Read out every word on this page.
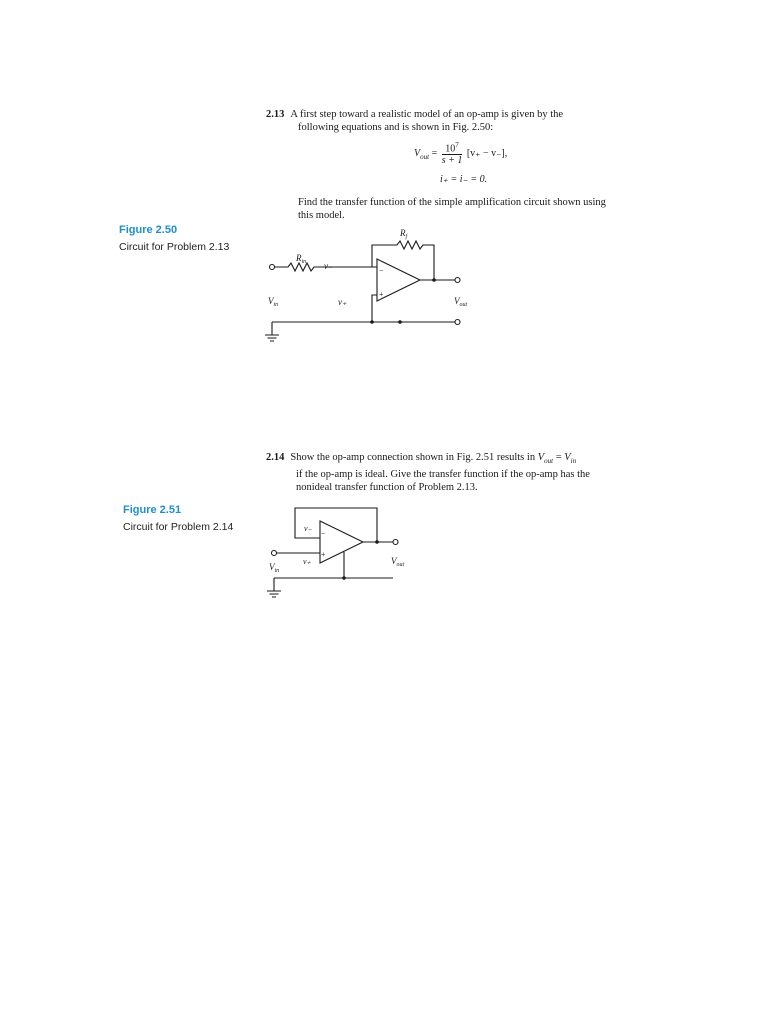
2.13 A first step toward a realistic model of an op-amp is given by the
following equations and is shown in Fig. 2.50:
$V_{out} = \frac{10^7}{s + 1} [v_+ - v_-]$,
i₊ = i₋ = 0.
Find the transfer function of the simple amplification circuit shown using
this model.
Figure 2.50
Circuit for Problem 2.13
$R_f$
$R_{in}$ v₋	−
+
$V_{in}$	v₊	$V_{out}$
2.14 Show the op-amp connection shown in Fig. 2.51 results in $V_{out} = V_{in}$
if the op-amp is ideal. Give the transfer function if the op-amp has the
nonideal transfer function of Problem 2.13.
Figure 2.51
Circuit for Problem 2.14	v₋
−
+
v₊
$V_{in}$
$V_{out}$
